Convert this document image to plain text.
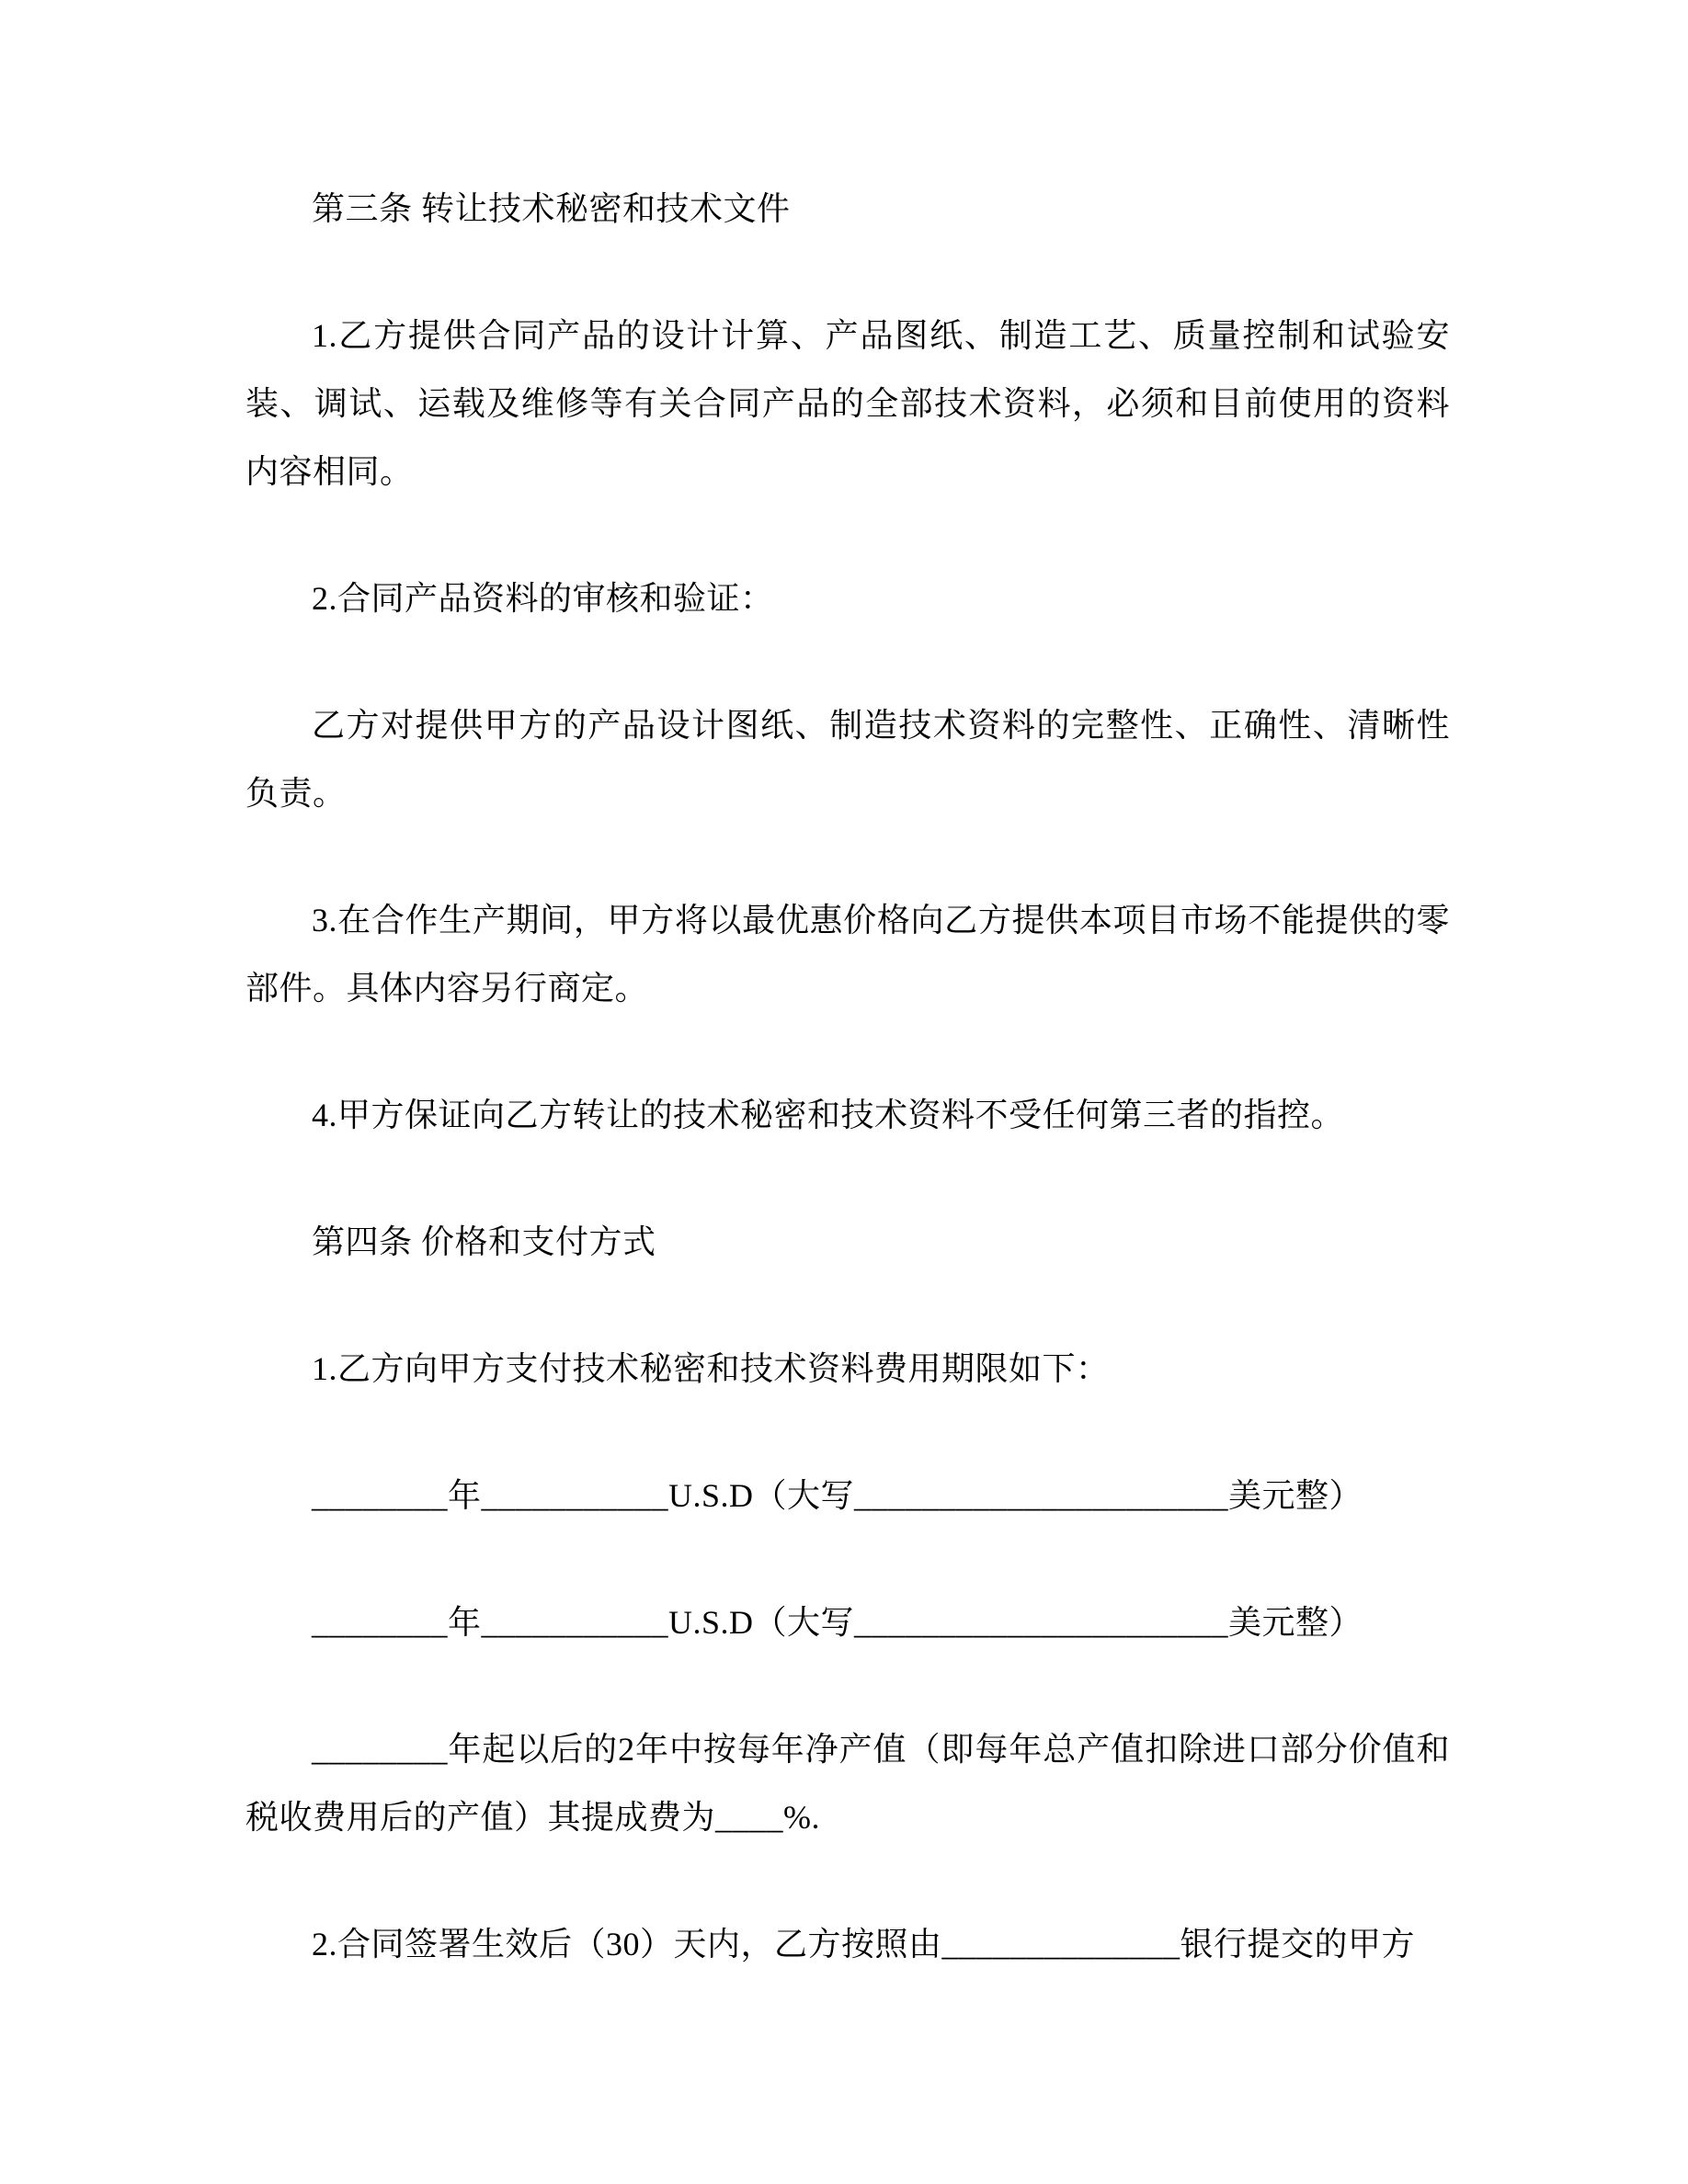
第三条 转让技术秘密和技术文件

1.乙方提供合同产品的设计计算、产品图纸、制造工艺、质量控制和试验安装、调试、运载及维修等有关合同产品的全部技术资料，必须和目前使用的资料内容相同。

2.合同产品资料的审核和验证：

乙方对提供甲方的产品设计图纸、制造技术资料的完整性、正确性、清晰性负责。

3.在合作生产期间，甲方将以最优惠价格向乙方提供本项目市场不能提供的零部件。具体内容另行商定。

4.甲方保证向乙方转让的技术秘密和技术资料不受任何第三者的指控。

第四条 价格和支付方式

1.乙方向甲方支付技术秘密和技术资料费用期限如下：

________年___________U.S.D（大写______________________美元整）

________年___________U.S.D（大写______________________美元整）

________年起以后的2年中按每年净产值（即每年总产值扣除进口部分价值和税收费用后的产值）其提成费为____%.

2.合同签署生效后（30）天内，乙方按照由______________银行提交的甲方
